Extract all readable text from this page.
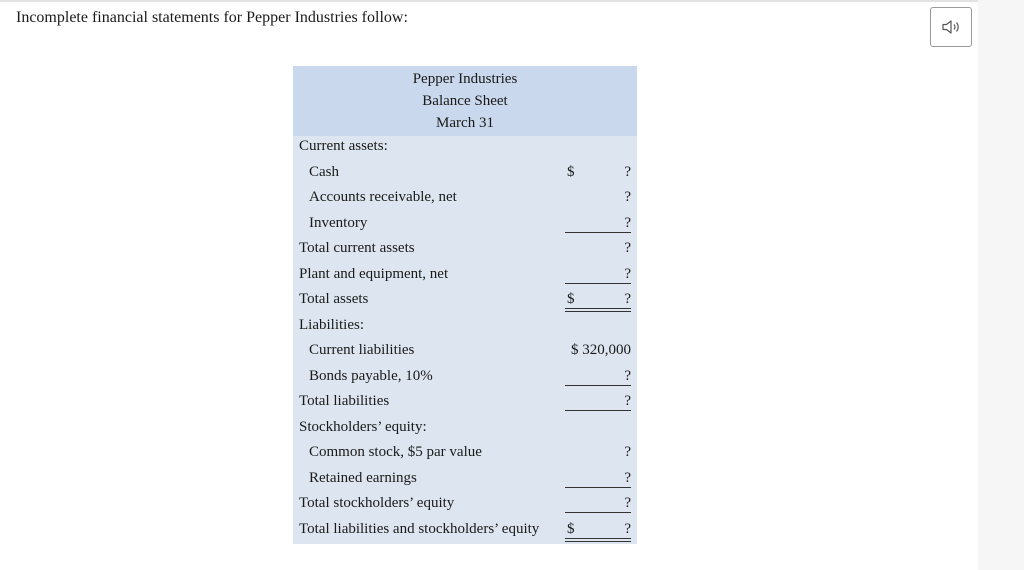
Incomplete financial statements for Pepper Industries follow:
Pepper Industries
Balance Sheet
March 31
Current assets:
Cash	$	?
Accounts receivable, net	?
Inventory	?
Total current assets	?
Plant and equipment, net	?
Total assets	$	?
Liabilities:
Current liabilities	$ 320,000
Bonds payable, 10%	?
Total liabilities	?
Stockholders’ equity:
Common stock, $5 par value	?
Retained earnings	?
Total stockholders’ equity	?
Total liabilities and stockholders’ equity $	?
